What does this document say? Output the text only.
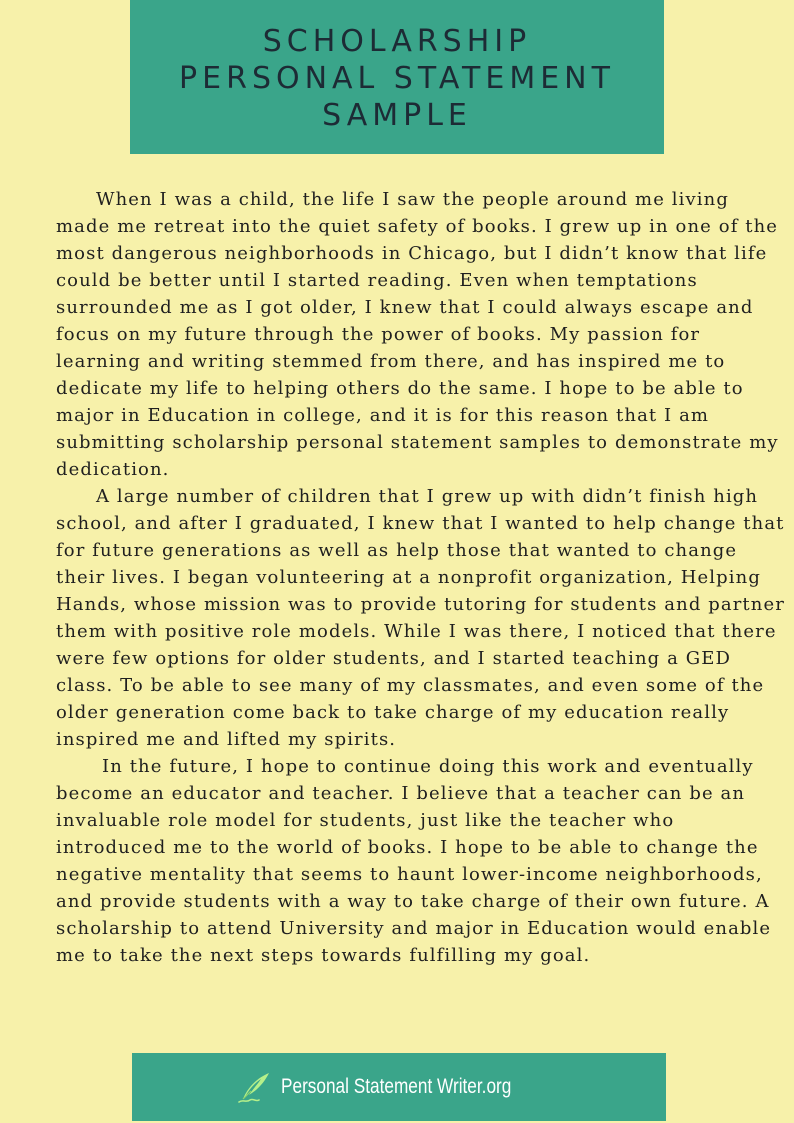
SCHOLARSHIP
PERSONAL STATEMENT
SAMPLE
When I was a child, the life I saw the people around me living
made me retreat into the quiet safety of books. I grew up in one of the
most dangerous neighborhoods in Chicago, but I didn’t know that life
could be better until I started reading. Even when temptations
surrounded me as I got older, I knew that I could always escape and
focus on my future through the power of books. My passion for
learning and writing stemmed from there, and has inspired me to
dedicate my life to helping others do the same. I hope to be able to
major in Education in college, and it is for this reason that I am
submitting scholarship personal statement samples to demonstrate my
dedication.
A large number of children that I grew up with didn’t finish high
school, and after I graduated, I knew that I wanted to help change that
for future generations as well as help those that wanted to change
their lives. I began volunteering at a nonprofit organization, Helping
Hands, whose mission was to provide tutoring for students and partner
them with positive role models. While I was there, I noticed that there
were few options for older students, and I started teaching a GED
class. To be able to see many of my classmates, and even some of the
older generation come back to take charge of my education really
inspired me and lifted my spirits.
In the future, I hope to continue doing this work and eventually
become an educator and teacher. I believe that a teacher can be an
invaluable role model for students, just like the teacher who
introduced me to the world of books. I hope to be able to change the
negative mentality that seems to haunt lower-income neighborhoods,
and provide students with a way to take charge of their own future. A
scholarship to attend University and major in Education would enable
me to take the next steps towards fulfilling my goal.
Personal Statement Writer.org
